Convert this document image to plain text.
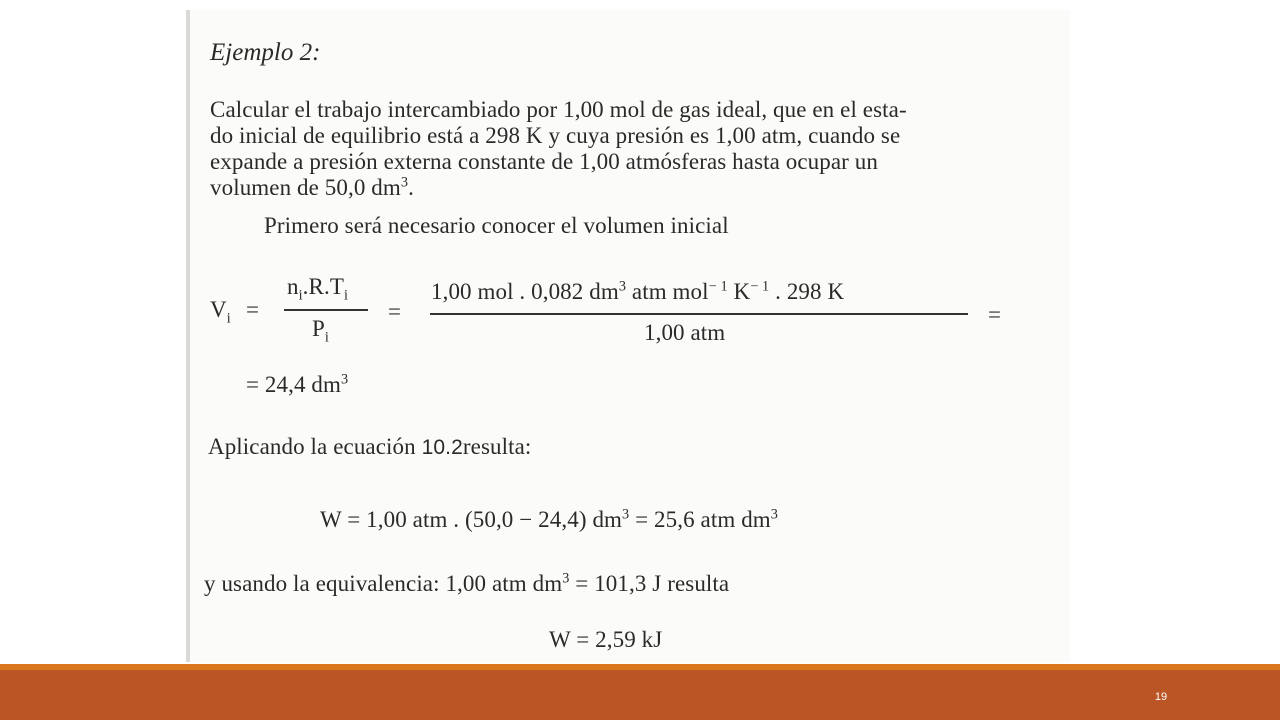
Ejemplo 2:
Calcular el trabajo intercambiado por 1,00 mol de gas ideal, que en el esta-
do inicial de equilibrio está a 298 K y cuya presión es 1,00 atm, cuando se
expande a presión externa constante de 1,00 atmósferas hasta ocupar un
volumen de 50,0 $dm^3$.
Primero será necesario conocer el volumen inicial
$V_i$ =
$n_i.R.T_i$
$P_i$
=
1,00 mol . 0,082 $dm^3$ atm mol$^{- 1}$ $K^{- 1}$ . 298 K
1,00 atm
=
= 24,4 $dm^3$
Aplicando la ecuación 10.2resulta:
W = 1,00 atm . (50,0 − 24,4) $dm^3 = 25,6$ atm $dm^3$
y usando la equivalencia: 1,00 atm $dm^3 = 101,3$ J resulta
W = 2,59 kJ
19
